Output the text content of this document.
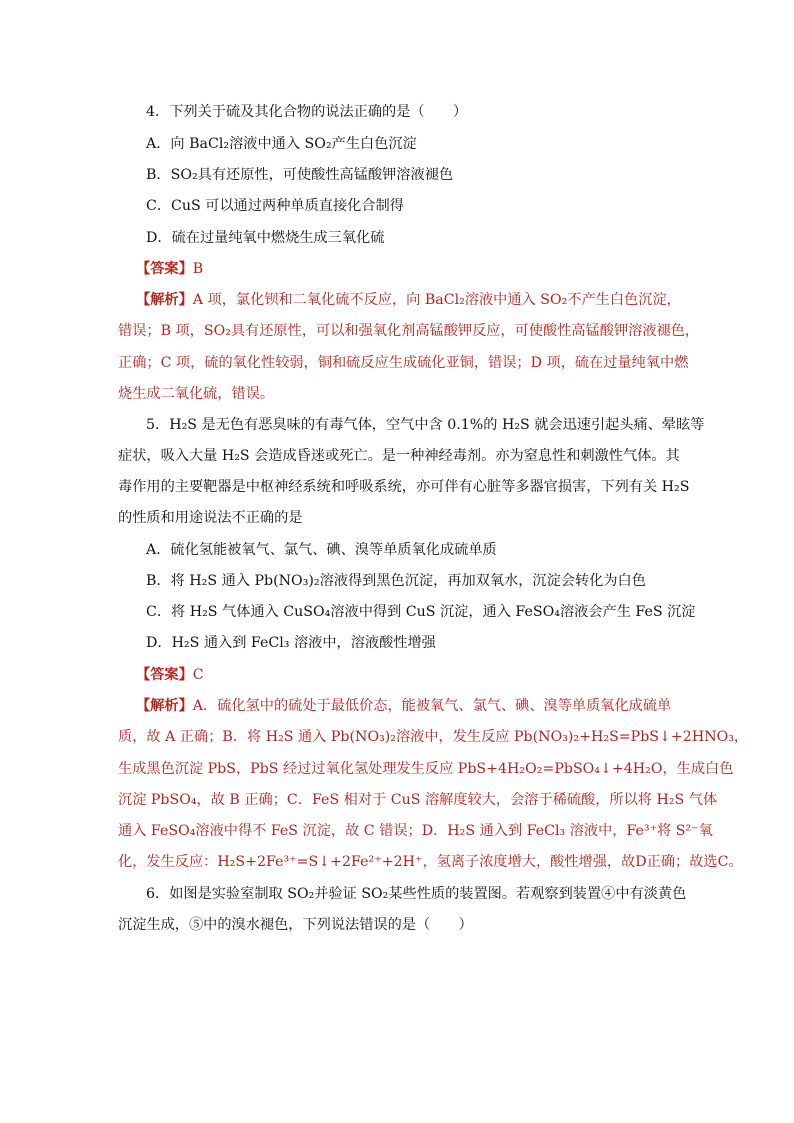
4．下列关于硫及其化合物的说法正确的是（　　）
A．向 BaCl₂溶液中通入 SO₂产生白色沉淀
B．SO₂具有还原性，可使酸性高锰酸钾溶液褪色
C．CuS 可以通过两种单质直接化合制得
D．硫在过量纯氧中燃烧生成三氧化硫
【答案】B
【解析】A 项，氯化钡和二氧化硫不反应，向 BaCl₂溶液中通入 SO₂不产生白色沉淀，
错误；B 项，SO₂具有还原性，可以和强氧化剂高锰酸钾反应，可使酸性高锰酸钾溶液褪色，
正确；C 项，硫的氧化性较弱，铜和硫反应生成硫化亚铜，错误；D 项，硫在过量纯氧中燃
烧生成二氧化硫，错误。
5．H₂S 是无色有恶臭味的有毒气体，空气中含 0.1%的 H₂S 就会迅速引起头痛、晕眩等
症状，吸入大量 H₂S 会造成昏迷或死亡。是一种神经毒剂。亦为窒息性和刺激性气体。其
毒作用的主要靶器是中枢神经系统和呼吸系统，亦可伴有心脏等多器官损害，下列有关 H₂S
的性质和用途说法不正确的是
A．硫化氢能被氧气、氯气、碘、溴等单质氧化成硫单质
B．将 H₂S 通入 Pb(NO₃)₂溶液得到黑色沉淀，再加双氧水，沉淀会转化为白色
C．将 H₂S 气体通入 CuSO₄溶液中得到 CuS 沉淀，通入 FeSO₄溶液会产生 FeS 沉淀
D．H₂S 通入到 FeCl₃ 溶液中，溶液酸性增强
【答案】C
【解析】A．硫化氢中的硫处于最低价态，能被氧气、氯气、碘、溴等单质氧化成硫单
质，故 A 正确；B．将 H₂S 通入 Pb(NO₃)₂溶液中，发生反应 Pb(NO₃)₂+H₂S=PbS↓+2HNO₃，
生成黑色沉淀 PbS，PbS 经过过氧化氢处理发生反应 PbS+4H₂O₂=PbSO₄↓+4H₂O，生成白色
沉淀 PbSO₄，故 B 正确；C．FeS 相对于 CuS 溶解度较大，会溶于稀硫酸，所以将 H₂S 气体
通入 FeSO₄溶液中得不 FeS 沉淀，故 C 错误；D．H₂S 通入到 FeCl₃ 溶液中，Fe³⁺将 S²⁻氧
化，发生反应：H₂S+2Fe³⁺=S↓+2Fe²⁺+2H⁺，氢离子浓度增大，酸性增强，故D正确；故选C。
6．如图是实验室制取 SO₂并验证 SO₂某些性质的装置图。若观察到装置④中有淡黄色
沉淀生成，⑤中的溴水褪色，下列说法错误的是（　　）
